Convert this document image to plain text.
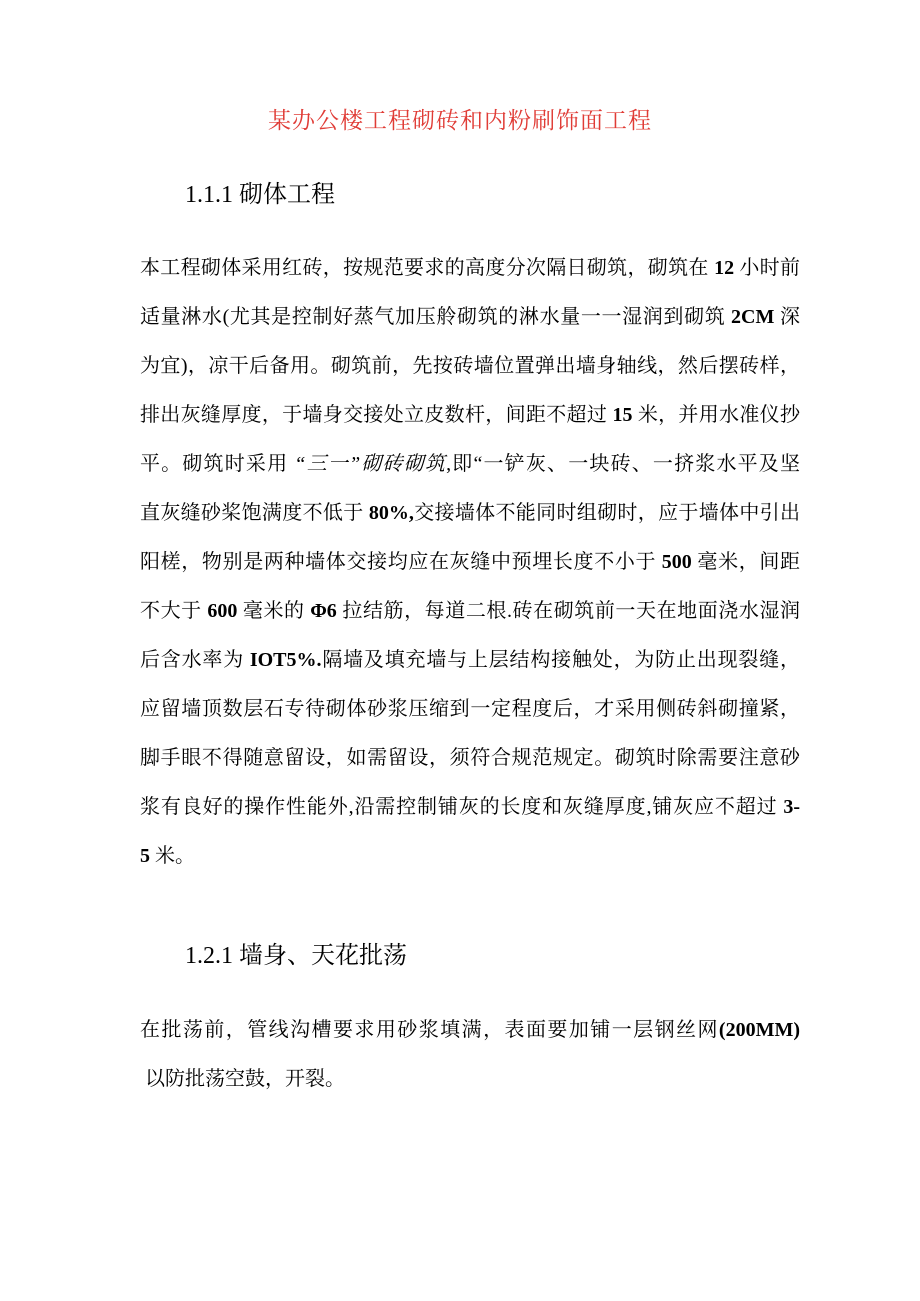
某办公楼工程砌砖和内粉刷饰面工程
1.1.1 砌体工程
本工程砌体采用红砖，按规范要求的高度分次隔日砌筑，砌筑在 12 小时前
适量淋水(尤其是控制好蒸气加压舲砌筑的淋水量一一湿润到砌筑 2CM 深
为宜)，凉干后备用。砌筑前，先按砖墙位置弹出墙身轴线，然后摆砖样，
排出灰缝厚度，于墙身交接处立皮数杆，间距不超过 15 米，并用水准仪抄
平。砌筑时采用 “三一”砌砖砌筑,即“一铲灰、一块砖、一挤浆水平及坚
直灰缝砂桨饱满度不低于 80%,交接墙体不能同时组砌时，应于墙体中引出
阳槎，物别是两种墙体交接均应在灰缝中预埋长度不小于 500 毫米，间距
不大于 600 毫米的 Φ6 拉结筋，每道二根.砖在砌筑前一天在地面浇水湿润
后含水率为 IOT5%.隔墙及填充墙与上层结构接触处，为防止出现裂缝，
应留墙顶数层石专待砌体砂浆压缩到一定程度后，才采用侧砖斜砌撞紧，
脚手眼不得随意留设，如需留设，须符合规范规定。砌筑时除需要注意砂
浆有良好的操作性能外,沿需控制铺灰的长度和灰缝厚度,铺灰应不超过 3-
5 米。
1.2.1 墙身、天花批荡
在批荡前，管线沟槽要求用砂浆填满，表面要加铺一层钢丝网(200MM)
以防批荡空鼓，开裂。
